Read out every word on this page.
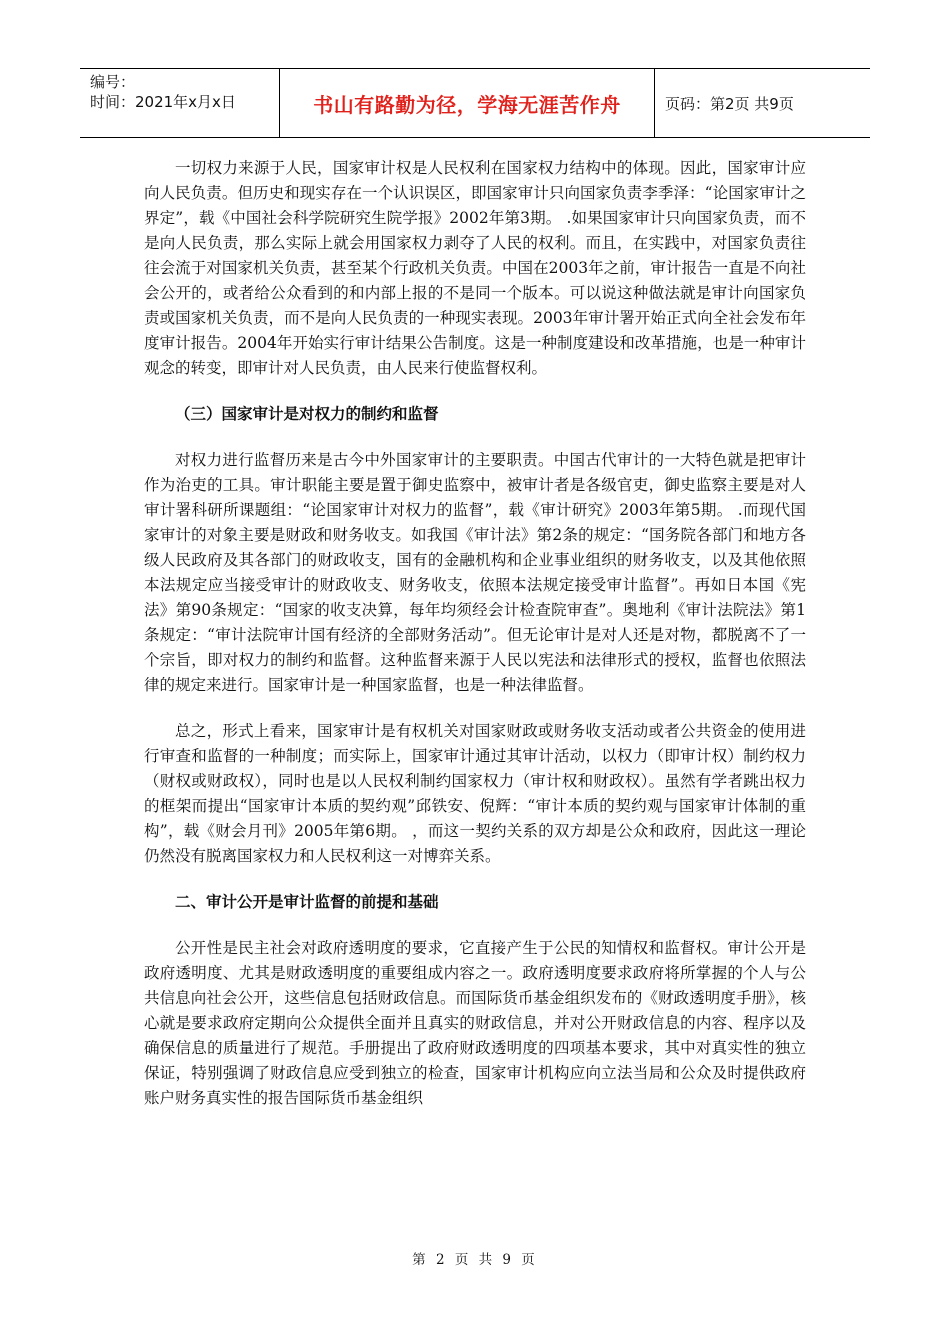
编号：
时间：2021年x月x日	书山有路勤为径，学海无涯苦作舟	页码：第2页 共9页

一切权力来源于人民，国家审计权是人民权利在国家权力结构中的体现。因此，国家审计应向人民负责。但历史和现实存在一个认识误区，即国家审计只向国家负责李季泽：“论国家审计之界定”，载《中国社会科学院研究生院学报》2002年第3期。 .如果国家审计只向国家负责，而不是向人民负责，那么实际上就会用国家权力剥夺了人民的权利。而且，在实践中，对国家负责往往会流于对国家机关负责，甚至某个行政机关负责。中国在2003年之前，审计报告一直是不向社会公开的，或者给公众看到的和内部上报的不是同一个版本。可以说这种做法就是审计向国家负责或国家机关负责，而不是向人民负责的一种现实表现。2003年审计署开始正式向全社会发布年度审计报告。2004年开始实行审计结果公告制度。这是一种制度建设和改革措施，也是一种审计观念的转变，即审计对人民负责，由人民来行使监督权利。

（三）国家审计是对权力的制约和监督

对权力进行监督历来是古今中外国家审计的主要职责。中国古代审计的一大特色就是把审计作为治吏的工具。审计职能主要是置于御史监察中，被审计者是各级官吏，御史监察主要是对人审计署科研所课题组：“论国家审计对权力的监督”，载《审计研究》2003年第5期。 .而现代国家审计的对象主要是财政和财务收支。如我国《审计法》第2条的规定：“国务院各部门和地方各级人民政府及其各部门的财政收支，国有的金融机构和企业事业组织的财务收支，以及其他依照本法规定应当接受审计的财政收支、财务收支，依照本法规定接受审计监督”。再如日本国《宪法》第90条规定：“国家的收支决算，每年均须经会计检查院审查”。奥地利《审计法院法》第1条规定：“审计法院审计国有经济的全部财务活动”。但无论审计是对人还是对物，都脱离不了一个宗旨，即对权力的制约和监督。这种监督来源于人民以宪法和法律形式的授权，监督也依照法律的规定来进行。国家审计是一种国家监督，也是一种法律监督。

总之，形式上看来，国家审计是有权机关对国家财政或财务收支活动或者公共资金的使用进行审查和监督的一种制度；而实际上，国家审计通过其审计活动，以权力（即审计权）制约权力（财权或财政权），同时也是以人民权利制约国家权力（审计权和财政权）。虽然有学者跳出权力的框架而提出“国家审计本质的契约观”邱铁安、倪辉：“审计本质的契约观与国家审计体制的重构”，载《财会月刊》2005年第6期。 ，而这一契约关系的双方却是公众和政府，因此这一理论仍然没有脱离国家权力和人民权利这一对博弈关系。

二、审计公开是审计监督的前提和基础

公开性是民主社会对政府透明度的要求，它直接产生于公民的知情权和监督权。审计公开是政府透明度、尤其是财政透明度的重要组成内容之一。政府透明度要求政府将所掌握的个人与公共信息向社会公开，这些信息包括财政信息。而国际货币基金组织发布的《财政透明度手册》，核心就是要求政府定期向公众提供全面并且真实的财政信息，并对公开财政信息的内容、程序以及确保信息的质量进行了规范。手册提出了政府财政透明度的四项基本要求，其中对真实性的独立保证，特别强调了财政信息应受到独立的检查，国家审计机构应向立法当局和公众及时提供政府账户财务真实性的报告国际货币基金组织

第 2 页 共 9 页
